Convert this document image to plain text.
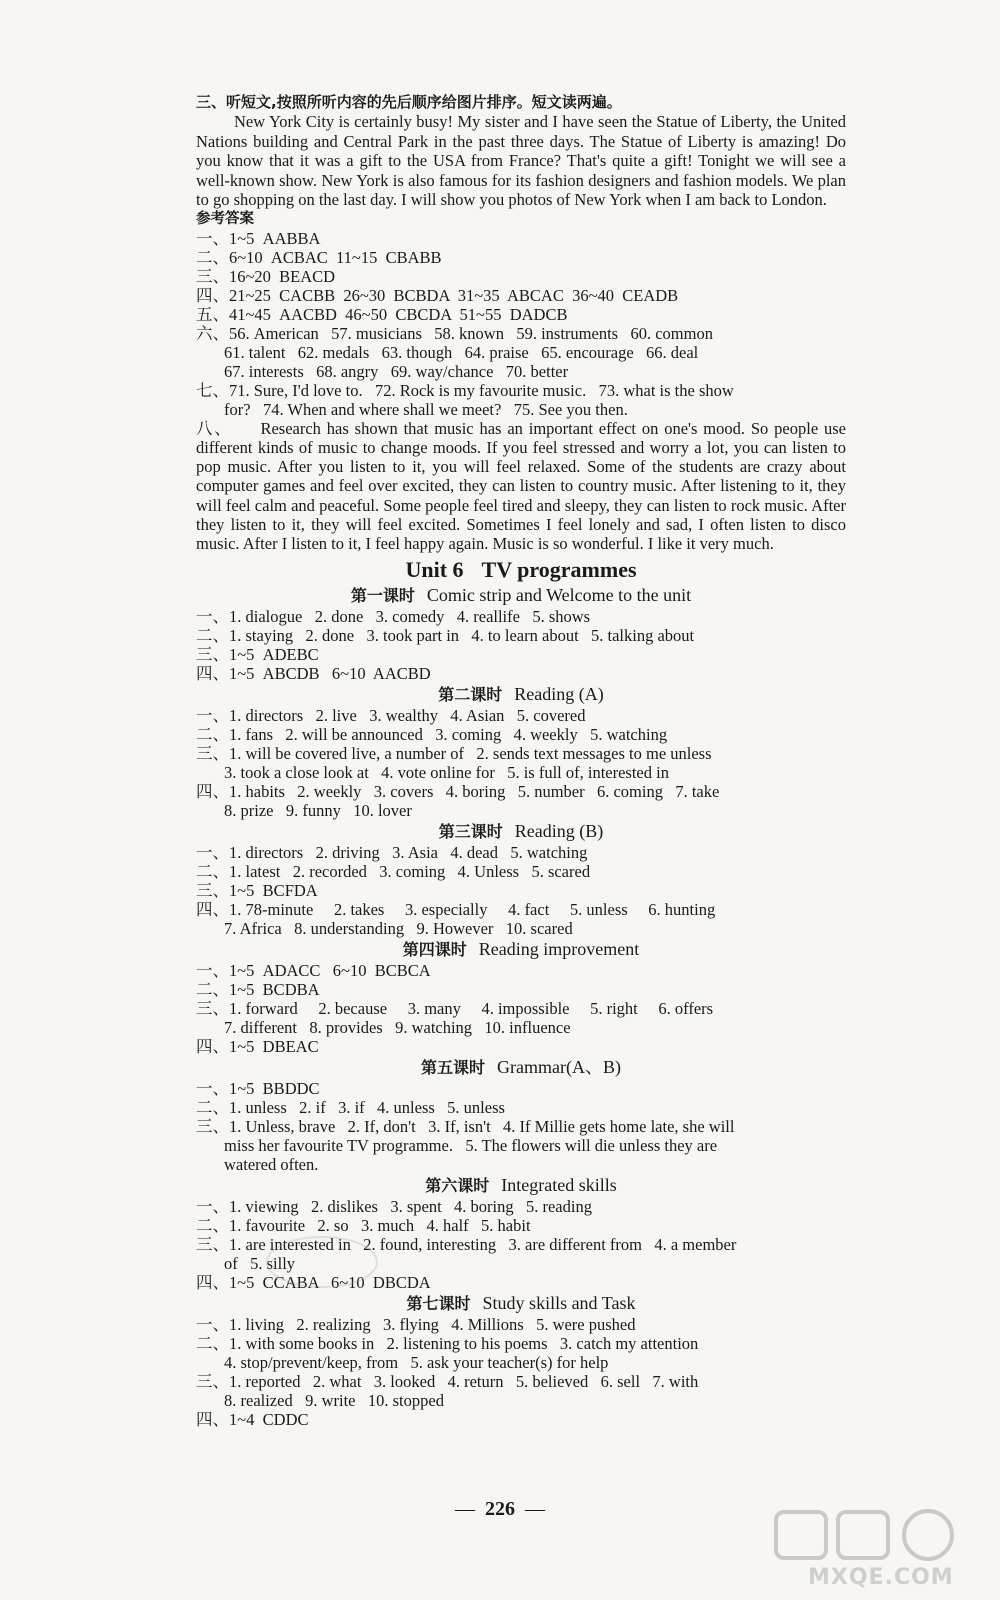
三、听短文,按照所听内容的先后顺序给图片排序。短文读两遍。

New York City is certainly busy! My sister and I have seen the Statue of Liberty, the United Nations building and Central Park in the past three days. The Statue of Liberty is amazing! Do you know that it was a gift to the USA from France? That's quite a gift! Tonight we will see a well-known show. New York is also famous for its fashion designers and fashion models. We plan to go shopping on the last day. I will show you photos of New York when I am back to London.

参考答案

一、1~5  AABBA

二、6~10  ACBAC  11~15  CBABB

三、16~20  BEACD

四、21~25  CACBB  26~30  BCBDA  31~35  ABCAC  36~40  CEADB

五、41~45  AACBD  46~50  CBCDA  51~55  DADCB

六、56. American   57. musicians   58. known   59. instruments   60. common

61. talent   62. medals   63. though   64. praise   65. encourage   66. deal

67. interests   68. angry   69. way/chance   70. better

七、71. Sure, I'd love to.   72. Rock is my favourite music.   73. what is the show

for?   74. When and where shall we meet?   75. See you then.

八、 Research has shown that music has an important effect on one's mood. So people use different kinds of music to change moods. If you feel stressed and worry a lot, you can listen to pop music. After you listen to it, you will feel relaxed. Some of the students are crazy about computer games and feel over excited, they can listen to country music. After listening to it, they will feel calm and peaceful. Some people feel tired and sleepy, they can listen to rock music. After they listen to it, they will feel excited. Sometimes I feel lonely and sad, I often listen to disco music. After I listen to it, I feel happy again. Music is so wonderful. I like it very much.

Unit 6 TV programmes

第一课时 Comic strip and Welcome to the unit

一、1. dialogue   2. done   3. comedy   4. reallife   5. shows

二、1. staying   2. done   3. took part in   4. to learn about   5. talking about

三、1~5  ADEBC

四、1~5  ABCDB   6~10  AACBD

第二课时 Reading (A)

一、1. directors   2. live   3. wealthy   4. Asian   5. covered

二、1. fans   2. will be announced   3. coming   4. weekly   5. watching

三、1. will be covered live, a number of   2. sends text messages to me unless

3. took a close look at   4. vote online for   5. is full of, interested in

四、1. habits   2. weekly   3. covers   4. boring   5. number   6. coming   7. take

8. prize   9. funny   10. lover

第三课时 Reading (B)

一、1. directors   2. driving   3. Asia   4. dead   5. watching

二、1. latest   2. recorded   3. coming   4. Unless   5. scared

三、1~5  BCFDA

四、1. 78-minute     2. takes     3. especially     4. fact     5. unless     6. hunting

7. Africa   8. understanding   9. However   10. scared

第四课时 Reading improvement

一、1~5  ADACC   6~10  BCBCA

二、1~5  BCDBA

三、1. forward     2. because     3. many     4. impossible     5. right     6. offers

7. different   8. provides   9. watching   10. influence

四、1~5  DBEAC

第五课时 Grammar(A、B)

一、1~5  BBDDC

二、1. unless   2. if   3. if   4. unless   5. unless

三、1. Unless, brave   2. If, don't   3. If, isn't   4. If Millie gets home late, she will

miss her favourite TV programme.   5. The flowers will die unless they are

watered often.

第六课时 Integrated skills

一、1. viewing   2. dislikes   3. spent   4. boring   5. reading

二、1. favourite   2. so   3. much   4. half   5. habit

三、1. are interested in   2. found, interesting   3. are different from   4. a member

of   5. silly

四、1~5  CCABA   6~10  DBCDA

第七课时 Study skills and Task

一、1. living   2. realizing   3. flying   4. Millions   5. were pushed

二、1. with some books in   2. listening to his poems   3. catch my attention

4. stop/prevent/keep, from   5. ask your teacher(s) for help

三、1. reported   2. what   3. looked   4. return   5. believed   6. sell   7. with

8. realized   9. write   10. stopped

四、1~4  CDDC

— 226 —
MXQE.COM
